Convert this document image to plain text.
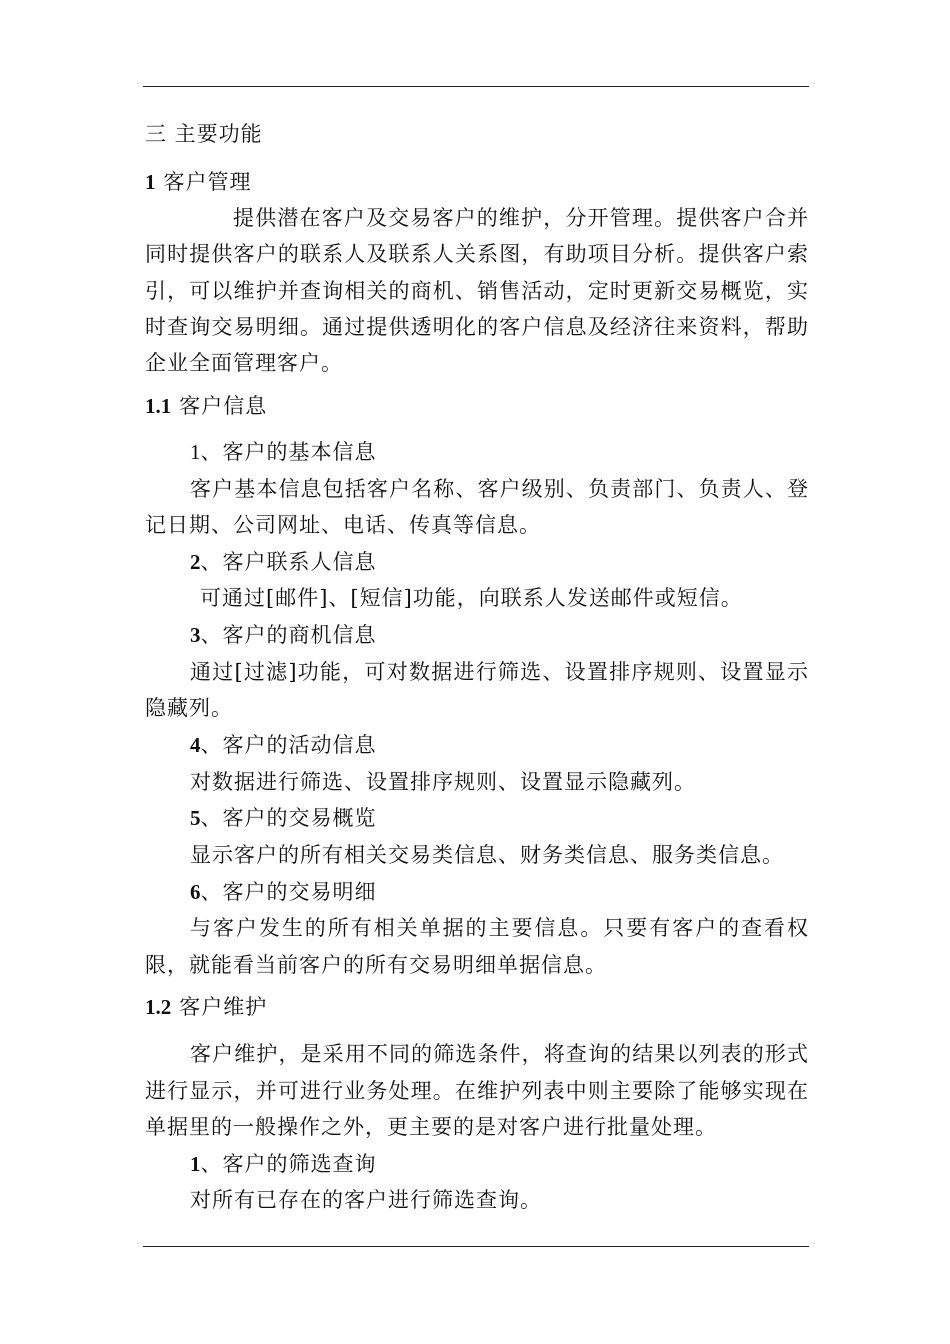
三 主要功能
1 客户管理
提供潜在客户及交易客户的维护，分开管理。提供客户合并
同时提供客户的联系人及联系人关系图，有助项目分析。提供客户索
引，可以维护并查询相关的商机、销售活动，定时更新交易概览，实
时查询交易明细。通过提供透明化的客户信息及经济往来资料，帮助
企业全面管理客户。
1.1 客户信息
1、客户的基本信息
客户基本信息包括客户名称、客户级别、负责部门、负责人、登
记日期、公司网址、电话、传真等信息。
2、客户联系人信息
可通过[邮件]、[短信]功能，向联系人发送邮件或短信。
3、客户的商机信息
通过[过滤]功能，可对数据进行筛选、设置排序规则、设置显示
隐藏列。
4、客户的活动信息
对数据进行筛选、设置排序规则、设置显示隐藏列。
5、客户的交易概览
显示客户的所有相关交易类信息、财务类信息、服务类信息。
6、客户的交易明细
与客户发生的所有相关单据的主要信息。只要有客户的查看权
限，就能看当前客户的所有交易明细单据信息。
1.2 客户维护
客户维护，是采用不同的筛选条件，将查询的结果以列表的形式
进行显示，并可进行业务处理。在维护列表中则主要除了能够实现在
单据里的一般操作之外，更主要的是对客户进行批量处理。
1、客户的筛选查询
对所有已存在的客户进行筛选查询。
